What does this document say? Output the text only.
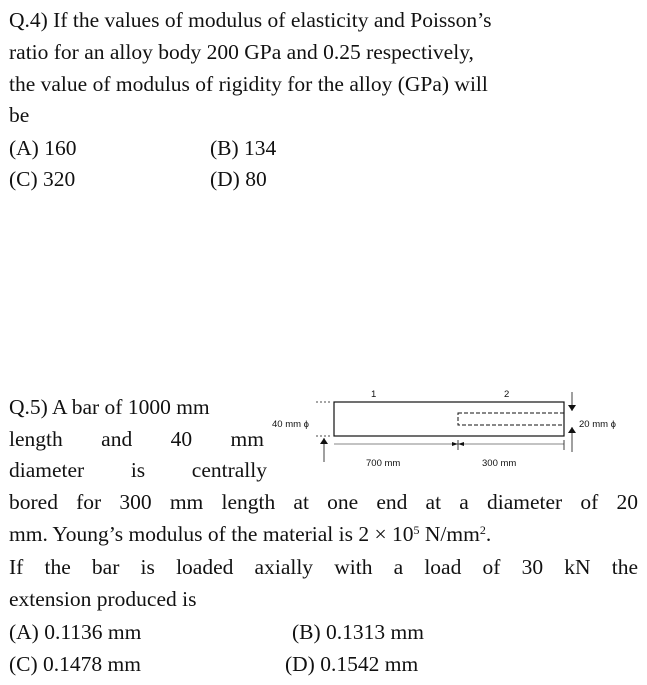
Q.4) If the values of modulus of elasticity and Poisson’s
ratio for an alloy body 200 GPa and 0.25 respectively,
the value of modulus of rigidity for the alloy (GPa) will
be
(A) 160	(B) 134
(C) 320	(D) 80
Q.5) A bar of 1000 mm
length and 40 mm
diameter is centrally
1	2
40 mm ϕ	20 mm ϕ
700 mm	300 mm
bored for 300 mm length at one end at a diameter of 20
mm. Young’s modulus of the material is $2 \times 10^5$ $N/mm^2$.
If the bar is loaded axially with a load of 30 kN the
extension produced is
(A) 0.1136 mm	(B) 0.1313 mm
(C) 0.1478 mm	(D) 0.1542 mm
